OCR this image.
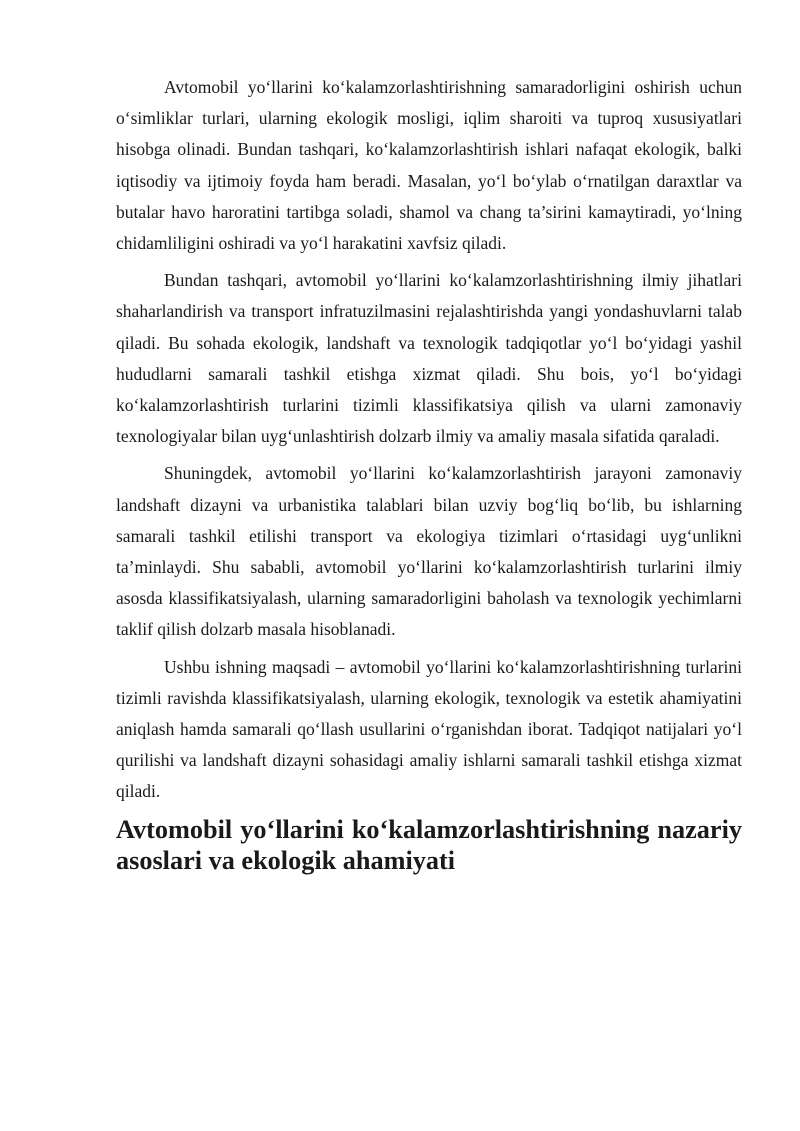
Avtomobil yo‘llarini ko‘kalamzorlashtirishning samaradorligini oshirish uchun o‘simliklar turlari, ularning ekologik mosligi, iqlim sharoiti va tuproq xususiyatlari hisobga olinadi. Bundan tashqari, ko‘kalamzorlashtirish ishlari nafaqat ekologik, balki iqtisodiy va ijtimoiy foyda ham beradi. Masalan, yo‘l bo‘ylab o‘rnatilgan daraxtlar va butalar havo haroratini tartibga soladi, shamol va chang ta’sirini kamaytiradi, yo‘lning chidamliligini oshiradi va yo‘l harakatini xavfsiz qiladi.

Bundan tashqari, avtomobil yo‘llarini ko‘kalamzorlashtirishning ilmiy jihatlari shaharlandirish va transport infratuzilmasini rejalashtirishda yangi yondashuvlarni talab qiladi. Bu sohada ekologik, landshaft va texnologik tadqiqotlar yo‘l bo‘yidagi yashil hududlarni samarali tashkil etishga xizmat qiladi. Shu bois, yo‘l bo‘yidagi ko‘kalamzorlashtirish turlarini tizimli klassifikatsiya qilish va ularni zamonaviy texnologiyalar bilan uyg‘unlashtirish dolzarb ilmiy va amaliy masala sifatida qaraladi.

Shuningdek, avtomobil yo‘llarini ko‘kalamzorlashtirish jarayoni zamonaviy landshaft dizayni va urbanistika talablari bilan uzviy bog‘liq bo‘lib, bu ishlarning samarali tashkil etilishi transport va ekologiya tizimlari o‘rtasidagi uyg‘unlikni ta’minlaydi. Shu sababli, avtomobil yo‘llarini ko‘kalamzorlashtirish turlarini ilmiy asosda klassifikatsiyalash, ularning samaradorligini baholash va texnologik yechimlarni taklif qilish dolzarb masala hisoblanadi.

Ushbu ishning maqsadi – avtomobil yo‘llarini ko‘kalamzorlashtirishning turlarini tizimli ravishda klassifikatsiyalash, ularning ekologik, texnologik va estetik ahamiyatini aniqlash hamda samarali qo‘llash usullarini o‘rganishdan iborat. Tadqiqot natijalari yo‘l qurilishi va landshaft dizayni sohasidagi amaliy ishlarni samarali tashkil etishga xizmat qiladi.

Avtomobil yo‘llarini ko‘kalamzorlashtirishning nazariy asoslari va ekologik ahamiyati
